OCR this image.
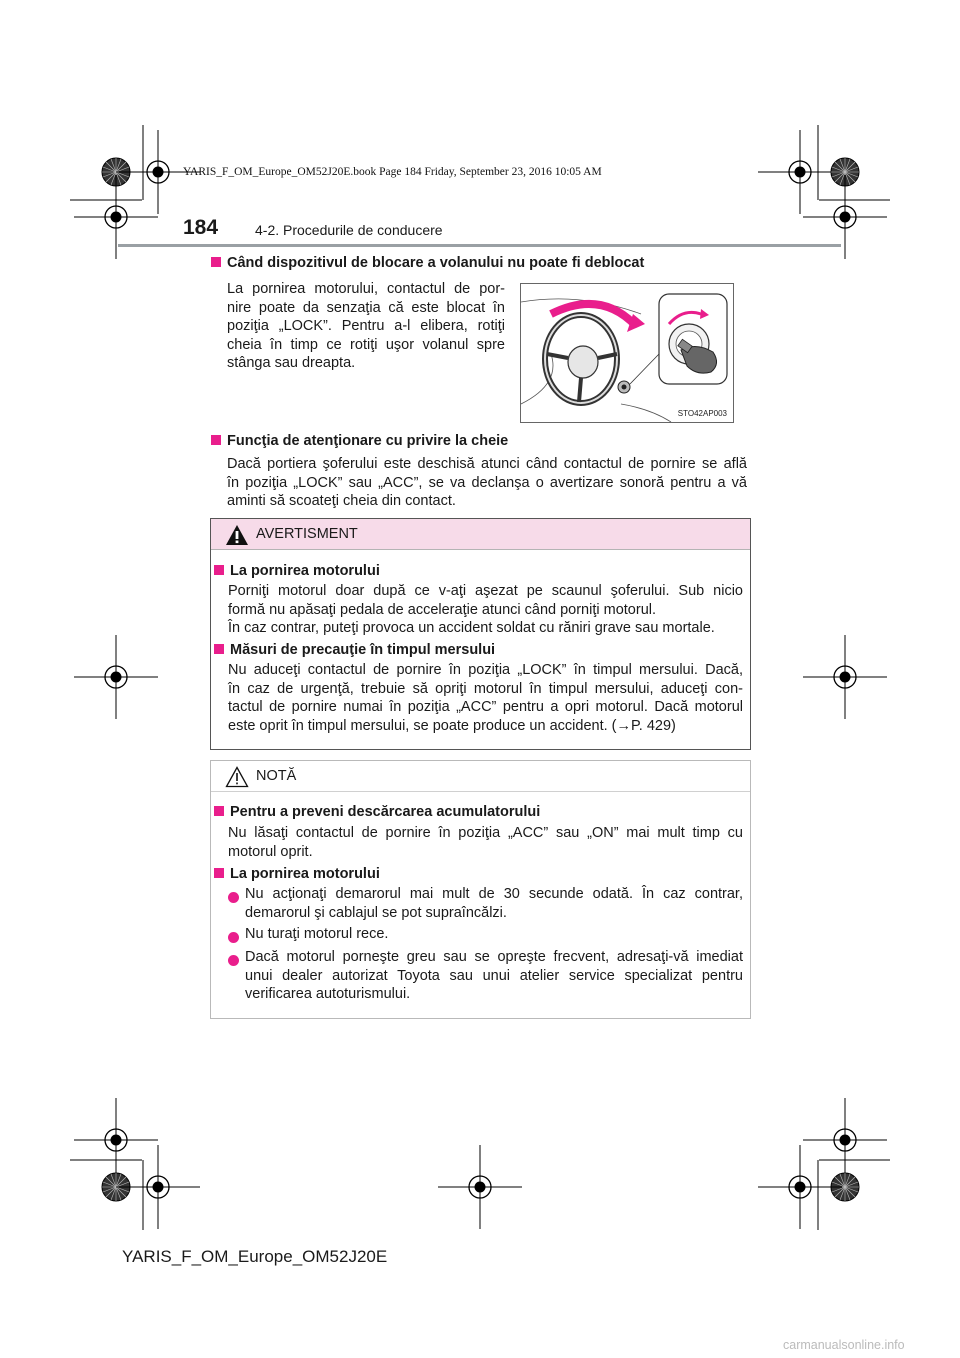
YARIS_F_OM_Europe_OM52J20E.book Page 184 Friday, September 23, 2016 10:05 AM
184	4-2. Procedurile de conducere
Când dispozitivul de blocare a volanului nu poate fi deblocat
La pornirea motorului, contactul de por-
nire poate da senzaţia că este blocat în
poziţia „LOCK”. Pentru a-l elibera, rotiţi
cheia în timp ce rotiţi uşor volanul spre
stânga sau dreapta.
STO42AP003
Funcţia de atenţionare cu privire la cheie
Dacă portiera şoferului este deschisă atunci când contactul de pornire se află
în poziţia „LOCK” sau „ACC”, se va declanşa o avertizare sonoră pentru a vă
aminti să scoateţi cheia din contact.
AVERTISMENT
La pornirea motorului
Porniţi motorul doar după ce v-aţi aşezat pe scaunul şoferului. Sub nicio
formă nu apăsaţi pedala de acceleraţie atunci când porniţi motorul.
În caz contrar, puteţi provoca un accident soldat cu răniri grave sau mortale.
Măsuri de precauţie în timpul mersului
Nu aduceţi contactul de pornire în poziţia „LOCK” în timpul mersului. Dacă,
în caz de urgenţă, trebuie să opriţi motorul în timpul mersului, aduceţi con-
tactul de pornire numai în poziţia „ACC” pentru a opri motorul. Dacă motorul
este oprit în timpul mersului, se poate produce un accident. (→P. 429)
NOTĂ
Pentru a preveni descărcarea acumulatorului
Nu lăsaţi contactul de pornire în poziţia „ACC” sau „ON” mai mult timp cu
motorul oprit.
La pornirea motorului
Nu acţionaţi demarorul mai mult de 30 secunde odată. În caz contrar,
demarorul şi cablajul se pot supraîncălzi.
Nu turaţi motorul rece.
Dacă motorul porneşte greu sau se opreşte frecvent, adresaţi-vă imediat
unui dealer autorizat Toyota sau unui atelier service specializat pentru
verificarea autoturismului.
YARIS_F_OM_Europe_OM52J20E
carmanualsonline.info
